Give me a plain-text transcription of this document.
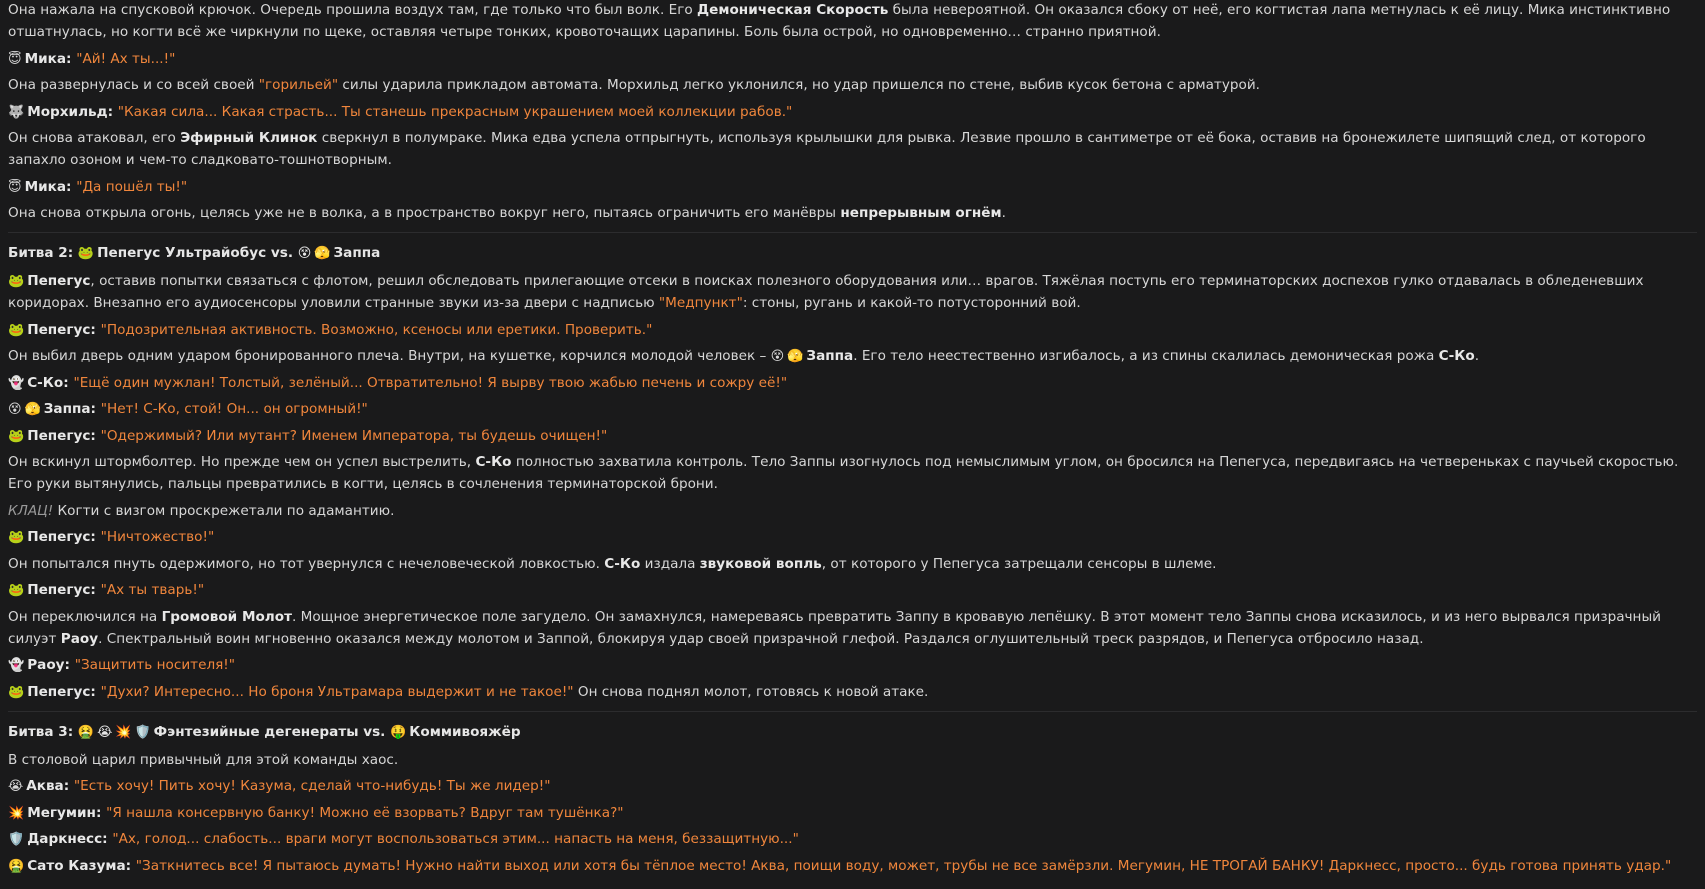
Она нажала на спусковой крючок. Очередь прошила воздух там, где только что был волк. Его Демоническая Скорость была невероятной. Он оказался сбоку от неё, его когтистая лапа метнулась к её лицу. Мика инстинктивно отшатнулась, но когти всё же чиркнули по щеке, оставляя четыре тонких, кровоточащих царапины. Боль была острой, но одновременно… странно приятной.
😇 Мика: "Ай! Ах ты...!"
Она развернулась и со всей своей "горильей" силы ударила прикладом автомата. Морхильд легко уклонился, но удар пришелся по стене, выбив кусок бетона с арматурой.
🐺 Морхильд: "Какая сила... Какая страсть... Ты станешь прекрасным украшением моей коллекции рабов."
Он снова атаковал, его Эфирный Клинок сверкнул в полумраке. Мика едва успела отпрыгнуть, используя крылышки для рывка. Лезвие прошло в сантиметре от её бока, оставив на бронежилете шипящий след, от которого запахло озоном и чем-то сладковато-тошнотворным.
😇 Мика: "Да пошёл ты!"
Она снова открыла огонь, целясь уже не в волка, а в пространство вокруг него, пытаясь ограничить его манёвры непрерывным огнём.
Битва 2: 🐸 Пепегус Ультрайобус vs. 😵 🫣 Заппа
🐸 Пепегус, оставив попытки связаться с флотом, решил обследовать прилегающие отсеки в поисках полезного оборудования или… врагов. Тяжёлая поступь его терминаторских доспехов гулко отдавалась в обледеневших коридорах. Внезапно его аудиосенсоры уловили странные звуки из-за двери с надписью "Медпункт": стоны, ругань и какой-то потусторонний вой.
🐸 Пепегус: "Подозрительная активность. Возможно, ксеносы или еретики. Проверить."
Он выбил дверь одним ударом бронированного плеча. Внутри, на кушетке, корчился молодой человек – 😵 🫣 Заппа. Его тело неестественно изгибалось, а из спины скалилась демоническая рожа С-Ко.
👻 С-Ко: "Ещё один мужлан! Толстый, зелёный... Отвратительно! Я вырву твою жабью печень и сожру её!"
😵 🫣 Заппа: "Нет! С-Ко, стой! Он... он огромный!"
🐸 Пепегус: "Одержимый? Или мутант? Именем Императора, ты будешь очищен!"
Он вскинул штормболтер. Но прежде чем он успел выстрелить, С-Ко полностью захватила контроль. Тело Заппы изогнулось под немыслимым углом, он бросился на Пепегуса, передвигаясь на четвереньках с паучьей скоростью. Его руки вытянулись, пальцы превратились в когти, целясь в сочленения терминаторской брони.
КЛАЦ! Когти с визгом проскрежетали по адамантию.
🐸 Пепегус: "Ничтожество!"
Он попытался пнуть одержимого, но тот увернулся с нечеловеческой ловкостью. С-Ко издала звуковой вопль, от которого у Пепегуса затрещали сенсоры в шлеме.
🐸 Пепегус: "Ах ты тварь!"
Он переключился на Громовой Молот. Мощное энергетическое поле загудело. Он замахнулся, намереваясь превратить Заппу в кровавую лепёшку. В этот момент тело Заппы снова исказилось, и из него вырвался призрачный силуэт Раоу. Спектральный воин мгновенно оказался между молотом и Заппой, блокируя удар своей призрачной глефой. Раздался оглушительный треск разрядов, и Пепегуса отбросило назад.
👻 Раоу: "Защитить носителя!"
🐸 Пепегус: "Духи? Интересно... Но броня Ультрамара выдержит и не такое!" Он снова поднял молот, готовясь к новой атаке.
Битва 3: 🤮 😭 💥 🛡️ Фэнтезийные дегенераты vs. 🤑 Коммивояжёр
В столовой царил привычный для этой команды хаос.
😭 Аква: "Есть хочу! Пить хочу! Казума, сделай что-нибудь! Ты же лидер!"
💥 Мегумин: "Я нашла консервную банку! Можно её взорвать? Вдруг там тушёнка?"
🛡️ Даркнесс: "Ах, голод... слабость... враги могут воспользоваться этим... напасть на меня, беззащитную..."
🤮 Сато Казума: "Заткнитесь все! Я пытаюсь думать! Нужно найти выход или хотя бы тёплое место! Аква, поищи воду, может, трубы не все замёрзли. Мегумин, НЕ ТРОГАЙ БАНКУ! Даркнесс, просто... будь готова принять удар."
